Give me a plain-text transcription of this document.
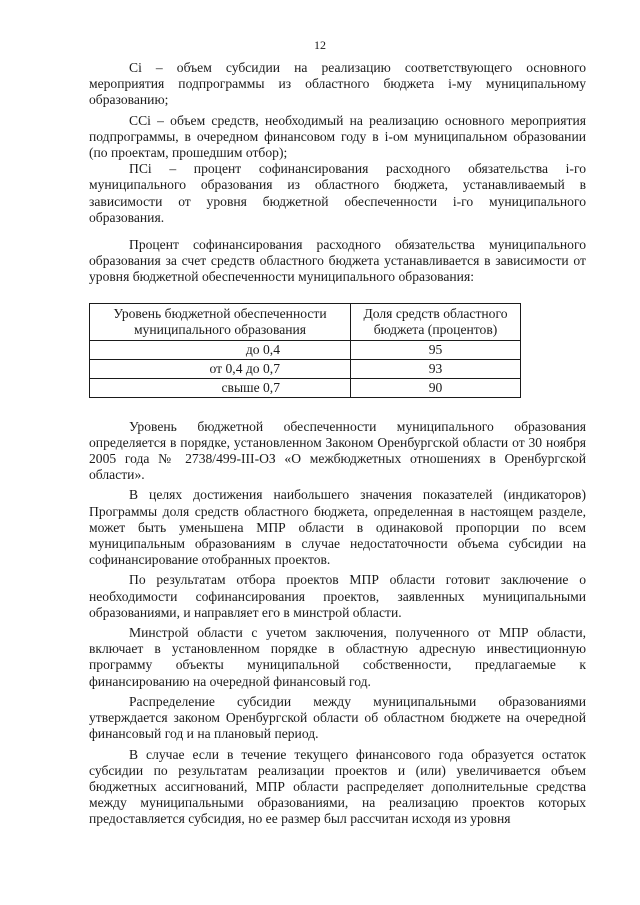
12

Ci – объем субсидии на реализацию соответствующего основного мероприятия подпрограммы из областного бюджета i-му муниципальному образованию;

CCi – объем средств, необходимый на реализацию основного мероприятия подпрограммы, в очередном финансовом году в i-ом муниципальном образовании (по проектам, прошедшим отбор);

ПCi – процент софинансирования расходного обязательства i-го муниципального образования из областного бюджета, устанавливаемый в зависимости от уровня бюджетной обеспеченности i-го муниципального образования.

Процент софинансирования расходного обязательства муниципального образования за счет средств областного бюджета устанавливается в зависимости от уровня бюджетной обеспеченности муниципального образования:

Уровень бюджетной обеспеченности муниципального образования	Доля средств областного бюджета (процентов)
до 0,4	95
от 0,4 до 0,7	93
свыше 0,7	90

Уровень бюджетной обеспеченности муниципального образования определяется в порядке, установленном Законом Оренбургской области от 30 ноября 2005 года № 2738/499-III-ОЗ «О межбюджетных отношениях в Оренбургской области».

В целях достижения наибольшего значения показателей (индикаторов) Программы доля средств областного бюджета, определенная в настоящем разделе, может быть уменьшена МПР области в одинаковой пропорции по всем муниципальным образованиям в случае недостаточности объема субсидии на софинансирование отобранных проектов.

По результатам отбора проектов МПР области готовит заключение о необходимости софинансирования проектов, заявленных муниципальными образованиями, и направляет его в минстрой области.

Минстрой области с учетом заключения, полученного от МПР области, включает в установленном порядке в областную адресную инвестиционную программу объекты муниципальной собственности, предлагаемые к финансированию на очередной финансовый год.

Распределение субсидии между муниципальными образованиями утверждается законом Оренбургской области об областном бюджете на очередной финансовый год и на плановый период.

В случае если в течение текущего финансового года образуется остаток субсидии по результатам реализации проектов и (или) увеличивается объем бюджетных ассигнований, МПР области распределяет дополнительные средства между муниципальными образованиями, на реализацию проектов которых предоставляется субсидия, но ее размер был рассчитан исходя из уровня
